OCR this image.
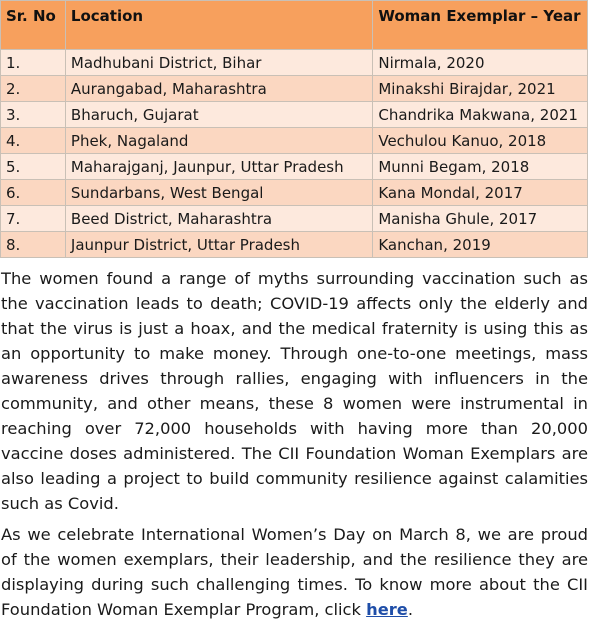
Sr. No	Location	Woman Exemplar – Year
1.	Madhubani District, Bihar	Nirmala, 2020
2.	Aurangabad, Maharashtra	Minakshi Birajdar, 2021
3.	Bharuch, Gujarat	Chandrika Makwana, 2021
4.	Phek, Nagaland	Vechulou Kanuo, 2018
5.	Maharajganj, Jaunpur, Uttar Pradesh	Munni Begam, 2018
6.	Sundarbans, West Bengal	Kana Mondal, 2017
7.	Beed District, Maharashtra	Manisha Ghule, 2017
8.	Jaunpur District, Uttar Pradesh	Kanchan, 2019

The women found a range of myths surrounding vaccination such as the vaccination leads to death; COVID-19 affects only the elderly and that the virus is just a hoax, and the medical fraternity is using this as an opportunity to make money. Through one-to-one meetings, mass awareness drives through rallies, engaging with influencers in the community, and other means, these 8 women were instrumental in reaching over 72,000 households with having more than 20,000 vaccine doses administered. The CII Foundation Woman Exemplars are also leading a project to build community resilience against calamities such as Covid.

As we celebrate International Women’s Day on March 8, we are proud of the women exemplars, their leadership, and the resilience they are displaying during such challenging times. To know more about the CII Foundation Woman Exemplar Program, click here.
